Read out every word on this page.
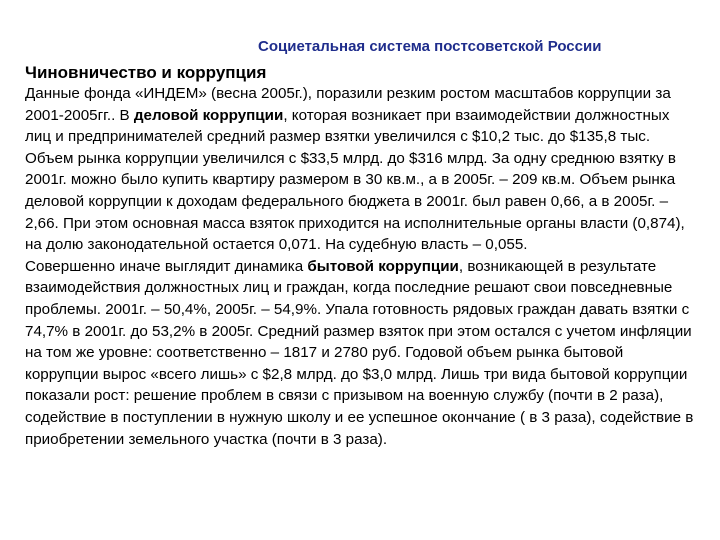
Социетальная система постсоветской России
Чиновничество и коррупция

Данные фонда «ИНДЕМ» (весна 2005г.), поразили резким ростом масштабов коррупции за 2001-2005гг.. В деловой коррупции, которая возникает при взаимодействии должностных лиц и предпринимателей средний размер взятки увеличился с $10,2 тыс. до $135,8 тыс. Объем рынка коррупции увеличился с $33,5 млрд. до $316 млрд. За одну среднюю взятку в 2001г. можно было купить квартиру размером в 30 кв.м., а в 2005г. – 209 кв.м. Объем рынка деловой коррупции к доходам федерального бюджета в 2001г. был равен 0,66, а в 2005г. – 2,66. При этом основная масса взяток приходится на исполнительные органы власти (0,874), на долю законодательной остается 0,071. На судебную власть – 0,055.

Совершенно иначе выглядит динамика бытовой коррупции, возникающей в результате взаимодействия должностных лиц и граждан, когда последние решают свои повседневные проблемы. 2001г. – 50,4%, 2005г. – 54,9%. Упала готовность рядовых граждан давать взятки с 74,7% в 2001г. до 53,2% в 2005г. Средний размер взяток при этом остался с учетом инфляции на том же уровне: соответственно – 1817 и 2780 руб. Годовой объем рынка бытовой коррупции вырос «всего лишь» с $2,8 млрд. до $3,0 млрд. Лишь три вида бытовой коррупции показали рост: решение проблем в связи с призывом на военную службу (почти в 2 раза), содействие в поступлении в нужную школу и ее успешное окончание ( в 3 раза), содействие в приобретении земельного участка (почти в 3 раза).
